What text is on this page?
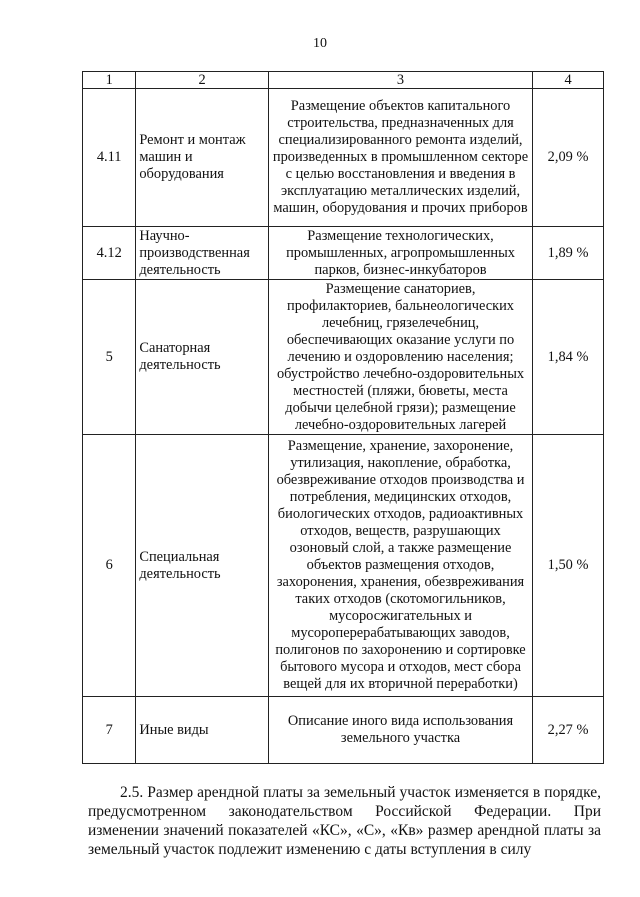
10
1	2	3	4
4.11	Ремонт и монтаж машин и оборудования	Размещение объектов капитального строительства, предназначенных для специализированного ремонта изделий, произведенных в промышленном секторе с целью восстановления и введения в эксплуатацию металлических изделий, машин, оборудования и прочих приборов	2,09 %
4.12	Научно-производственная деятельность	Размещение технологических, промышленных, агропромышленных парков, бизнес-инкубаторов	1,89 %
5	Санаторная деятельность	Размещение санаториев, профилакториев, бальнеологических лечебниц, грязелечебниц, обеспечивающих оказание услуги по лечению и оздоровлению населения; обустройство лечебно-оздоровительных местностей (пляжи, бюветы, места добычи целебной грязи); размещение лечебно-оздоровительных лагерей	1,84 %
6	Специальная деятельность	Размещение, хранение, захоронение, утилизация, накопление, обработка, обезвреживание отходов производства и потребления, медицинских отходов, биологических отходов, радиоактивных отходов, веществ, разрушающих озоновый слой, а также размещение объектов размещения отходов, захоронения, хранения, обезвреживания таких отходов (скотомогильников, мусоросжигательных и мусороперерабатывающих заводов, полигонов по захоронению и сортировке бытового мусора и отходов, мест сбора вещей для их вторичной переработки)	1,50 %
7	Иные виды	Описание иного вида использования земельного участка	2,27 %
2.5. Размер арендной платы за земельный участок изменяется в порядке, предусмотренном законодательством Российской Федерации. При изменении значений показателей «КС», «С», «Кв» размер арендной платы за земельный участок подлежит изменению с даты вступления в силу
